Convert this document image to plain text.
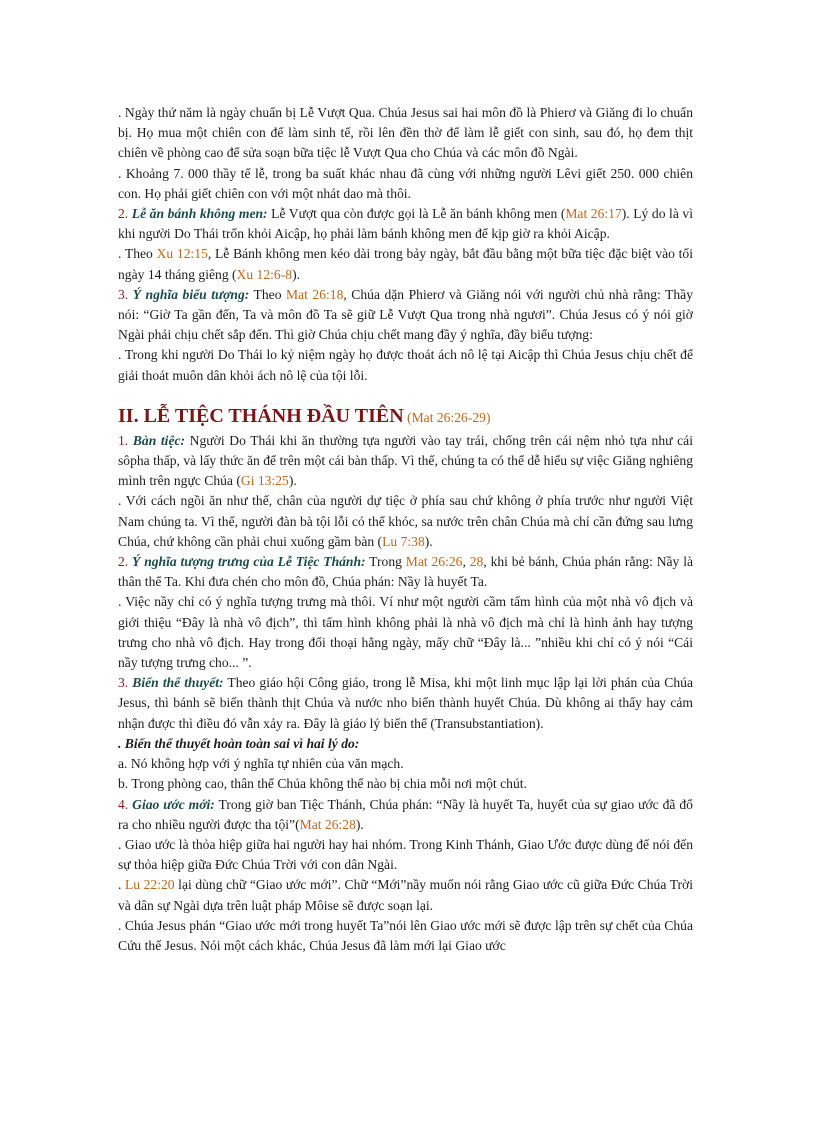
. Ngày thứ năm là ngày chuẩn bị Lễ Vượt Qua. Chúa Jesus sai hai môn đồ là Phierơ và Giăng đi lo chuẩn bị. Họ mua một chiên con để làm sinh tế, rồi lên đền thờ để làm lễ giết con sinh, sau đó, họ đem thịt chiên về phòng cao để sửa soạn bữa tiệc lễ Vượt Qua cho Chúa và các môn đồ Ngài.

. Khoảng 7. 000 thầy tế lễ, trong ba suất khác nhau đã cùng với những người Lêvi giết 250. 000 chiên con. Họ phải giết chiên con với một nhát dao mà thôi.

2. Lễ ăn bánh không men: Lễ Vượt qua còn được gọi là Lễ ăn bánh không men (Mat 26:17). Lý do là vì khi người Do Thái trốn khỏi Aicập, họ phải làm bánh không men để kịp giờ ra khỏi Aicập.

. Theo Xu 12:15, Lễ Bánh không men kéo dài trong bảy ngày, bắt đầu bằng một bữa tiệc đặc biệt vào tối ngày 14 tháng giêng (Xu 12:6-8).

3. Ý nghĩa biểu tượng: Theo Mat 26:18, Chúa dặn Phierơ và Giăng nói với người chủ nhà rằng: Thầy nói: “Giờ Ta gần đến, Ta và môn đồ Ta sẽ giữ Lễ Vượt Qua trong nhà ngươi”. Chúa Jesus có ý nói giờ Ngài phải chịu chết sắp đến. Thì giờ Chúa chịu chết mang đầy ý nghĩa, đầy biểu tượng:

. Trong khi người Do Thái lo kỷ niệm ngày họ được thoát ách nô lệ tại Aicập thì Chúa Jesus chịu chết để giải thoát muôn dân khỏi ách nô lệ của tội lỗi.

II. LỄ TIỆC THÁNH ĐẦU TIÊN (Mat 26:26-29)

1. Bàn tiệc: Người Do Thái khi ăn thường tựa người vào tay trái, chống trên cái nệm nhỏ tựa như cái sôpha thấp, và lấy thức ăn để trên một cái bàn thấp. Vì thế, chúng ta có thể dễ hiểu sự việc Giăng nghiêng mình trên ngực Chúa (Gi 13:25).

. Với cách ngồi ăn như thế, chân của người dự tiệc ở phía sau chứ không ở phía trước như người Việt Nam chúng ta. Vì thế, người đàn bà tội lỗi có thể khóc, sa nước trên chân Chúa mà chỉ cần đứng sau lưng Chúa, chứ không cần phải chui xuống gầm bàn (Lu 7:38).

2. Ý nghĩa tượng trưng của Lễ Tiệc Thánh: Trong Mat 26:26, 28, khi bẻ bánh, Chúa phán rằng: Nầy là thân thể Ta. Khi đưa chén cho môn đồ, Chúa phán: Nầy là huyết Ta.

. Việc nầy chỉ có ý nghĩa tượng trưng mà thôi. Ví như một người cầm tấm hình của một nhà vô địch và giới thiệu “Đây là nhà vô địch”, thì tấm hình không phải là nhà vô địch mà chỉ là hình ảnh hay tượng trưng cho nhà vô địch. Hay trong đối thoại hằng ngày, mấy chữ “Đây là... ”nhiều khi chỉ có ý nói “Cái nầy tượng trưng cho... ”.

3. Biến thể thuyết: Theo giáo hội Công giáo, trong lễ Misa, khi một linh mục lập lại lời phán của Chúa Jesus, thì bánh sẽ biến thành thịt Chúa và nước nho biến thành huyết Chúa. Dù không ai thấy hay cảm nhận được thì điều đó vẫn xảy ra. Đây là giáo lý biến thể (Transubstantiation).

. Biến thể thuyết hoàn toàn sai vì hai lý do:

a. Nó không hợp với ý nghĩa tự nhiên của văn mạch.

b. Trong phòng cao, thân thể Chúa không thể nào bị chia mỗi nơi một chút.

4. Giao ước mới: Trong giờ ban Tiệc Thánh, Chúa phán: “Nầy là huyết Ta, huyết của sự giao ước đã đổ ra cho nhiều người được tha tội”(Mat 26:28).

. Giao ước là thỏa hiệp giữa hai người hay hai nhóm. Trong Kinh Thánh, Giao Ước được dùng để nói đến sự thỏa hiệp giữa Đức Chúa Trời với con dân Ngài.

. Lu 22:20 lại dùng chữ “Giao ước mới”. Chữ “Mới”nầy muốn nói rằng Giao ước cũ giữa Đức Chúa Trời và dân sự Ngài dựa trên luật pháp Môise sẽ được soạn lại.

. Chúa Jesus phán “Giao ước mới trong huyết Ta”nói lên Giao ước mới sẽ được lập trên sự chết của Chúa Cứu thế Jesus. Nói một cách khác, Chúa Jesus đã làm mới lại Giao ước
